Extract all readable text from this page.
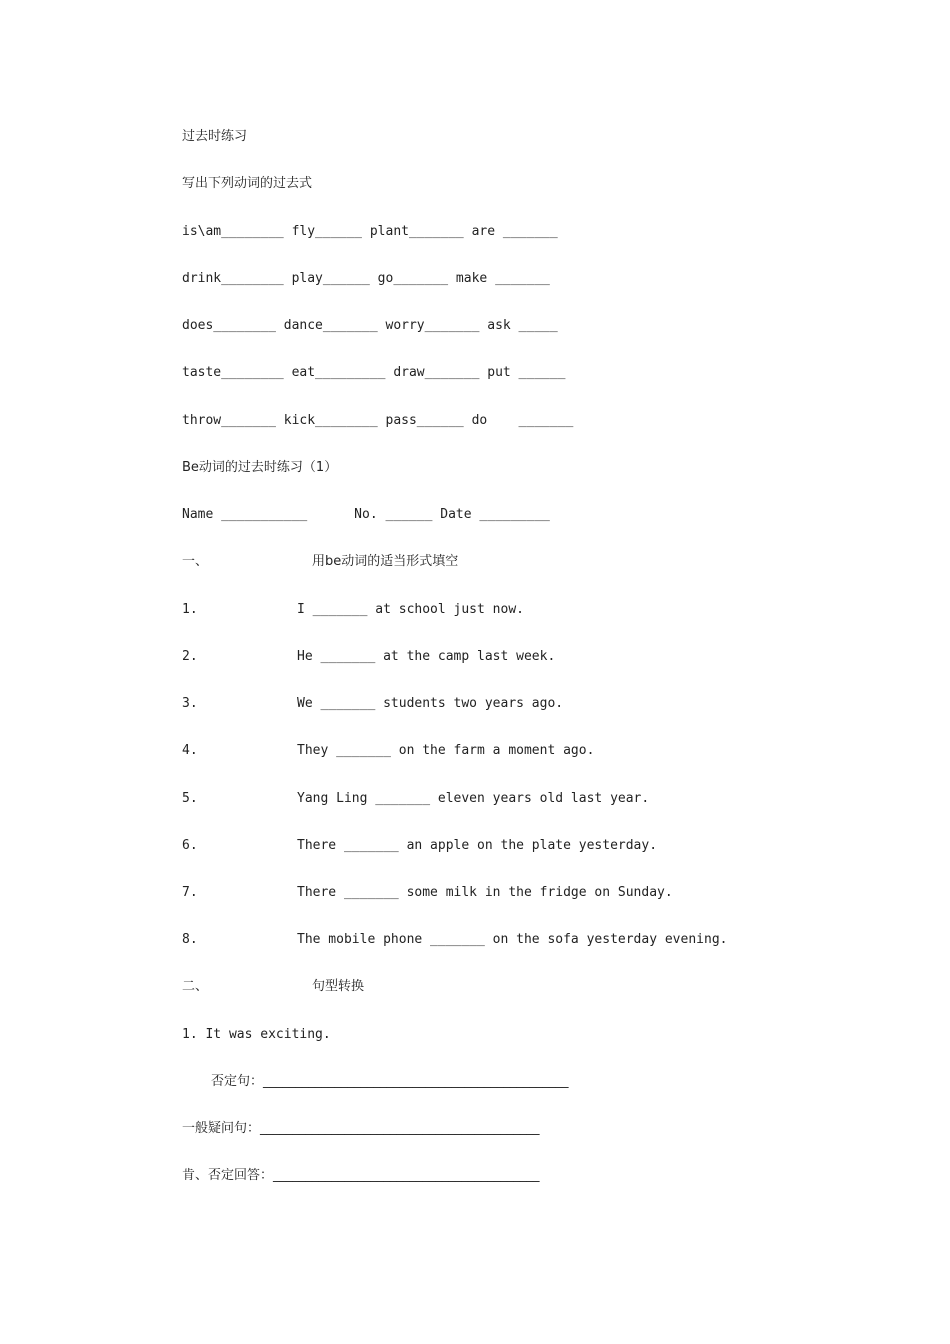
过去时练习
写出下列动词的过去式
is\am________ fly______ plant_______ are _______
drink________ play______ go_______ make _______
does________ dance_______ worry_______ ask _____
taste________ eat_________ draw_______ put ______
throw_______ kick________ pass______ do    _______
Be动词的过去时练习（1）
Name ___________      No. ______ Date _________
一、	用be动词的适当形式填空
1.	I _______ at school just now.
2.	He _______ at the camp last week.
3.	We _______ students two years ago.
4.	They _______ on the farm a moment ago.
5.	Yang Ling _______ eleven years old last year.
6.	There _______ an apple on the plate yesterday.
7.	There _______ some milk in the fridge on Sunday.
8.	The mobile phone _______ on the sofa yesterday evening.
二、	句型转换
1. It was exciting.
否定句：_______________________________________________
一般疑问句：___________________________________________
肯、否定回答：_________________________________________
